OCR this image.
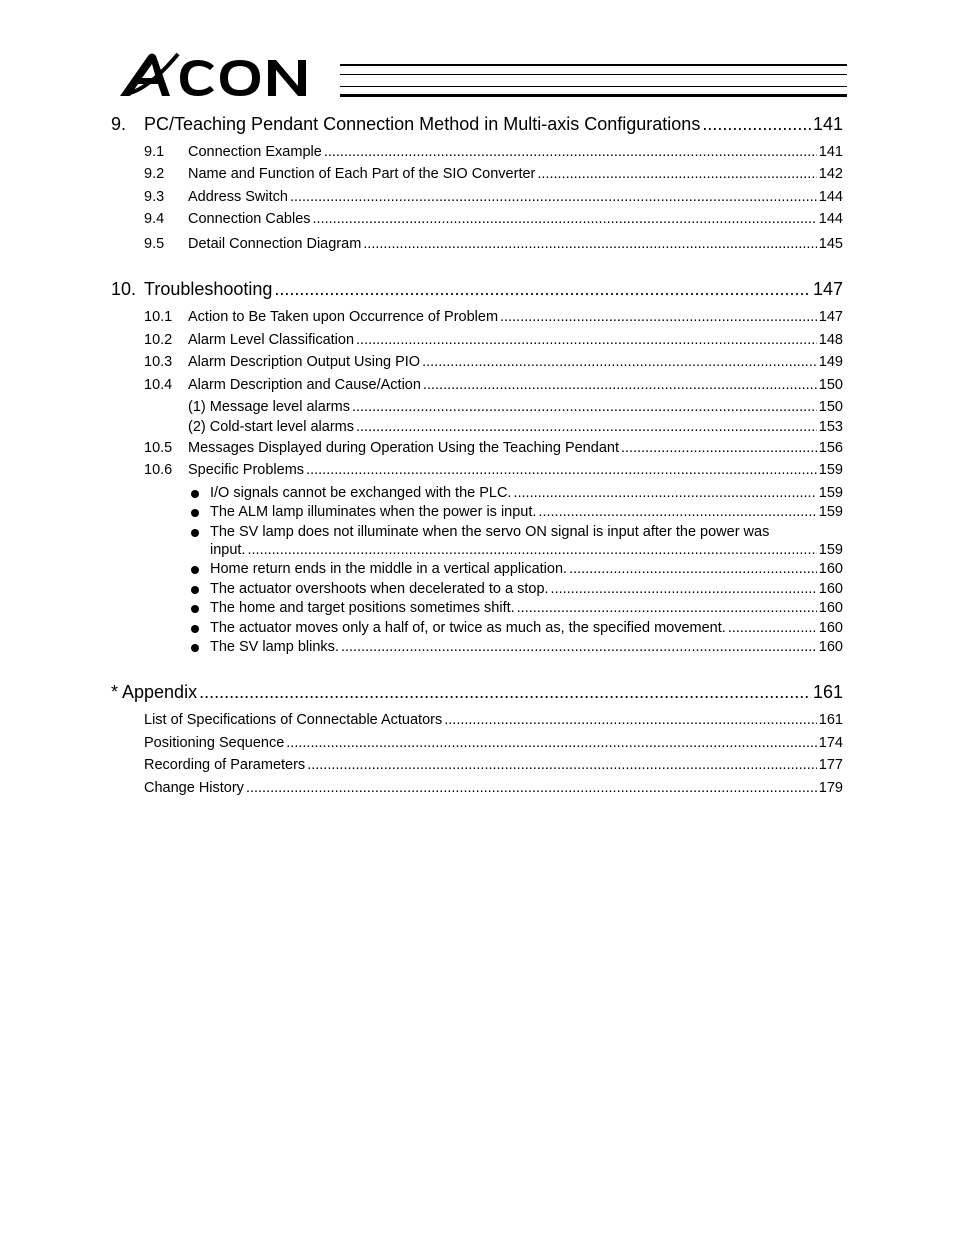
9. PC/Teaching Pendant Connection Method in Multi-axis Configurations .....	141
9.1 Connection Example .....	141
9.2 Name and Function of Each Part of the SIO Converter .....	142
9.3 Address Switch .....	144
9.4 Connection Cables .....	144
9.5 Detail Connection Diagram .....	145
10. Troubleshooting .....	147
10.1 Action to Be Taken upon Occurrence of Problem .....	147
10.2 Alarm Level Classification .....	148
10.3 Alarm Description Output Using PIO .....	149
10.4 Alarm Description and Cause/Action .....	150
(1) Message level alarms .....	150
(2) Cold-start level alarms .....	153
10.5 Messages Displayed during Operation Using the Teaching Pendant .....	156
10.6 Specific Problems .....	159
I/O signals cannot be exchanged with the PLC. .....	159
The ALM lamp illuminates when the power is input. .....	159
The SV lamp does not illuminate when the servo ON signal is input after the power was
input. .....	159
Home return ends in the middle in a vertical application. .....	160
The actuator overshoots when decelerated to a stop. .....	160
The home and target positions sometimes shift. .....	160
The actuator moves only a half of, or twice as much as, the specified movement. .....	160
The SV lamp blinks. .....	160
* Appendix .....	161
List of Specifications of Connectable Actuators .....	161
Positioning Sequence .....	174
Recording of Parameters .....	177
Change History .....	179
